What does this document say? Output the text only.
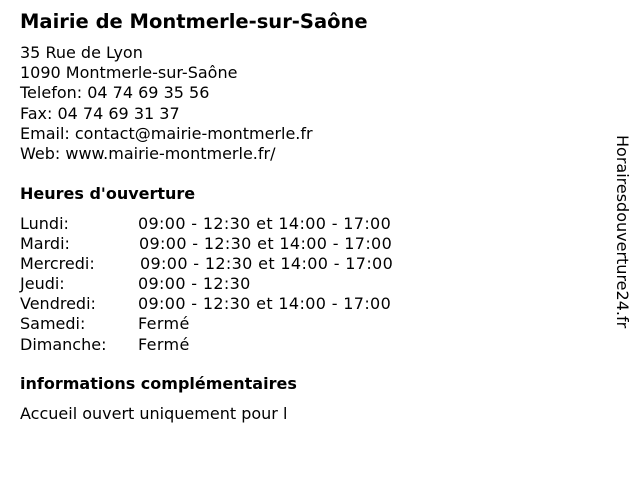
Mairie de Montmerle-sur-Saône
35 Rue de Lyon
1090 Montmerle-sur-Saône
Telefon: 04 74 69 35 56
Fax: 04 74 69 31 37
Email: contact@mairie-montmerle.fr
Web: www.mairie-montmerle.fr/
Heures d'ouverture
Lundi:	09:00 - 12:30 et 14:00 - 17:00
Mardi:	09:00 - 12:30 et 14:00 - 17:00
Mercredi:	09:00 - 12:30 et 14:00 - 17:00
Jeudi:	09:00 - 12:30
Vendredi:	09:00 - 12:30 et 14:00 - 17:00
Samedi:	Fermé
Dimanche: Fermé
informations complémentaires
Accueil ouvert uniquement pour l
Horairesdouverture24.fr
